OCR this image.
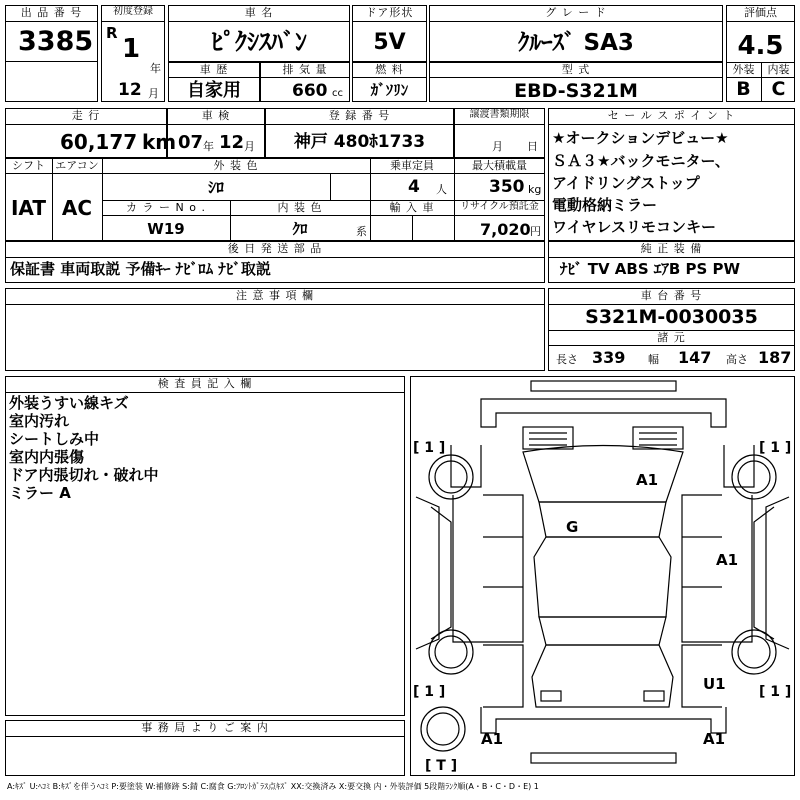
出 品 番 号
3385
初度登録
R
1
年
12 月
車 名
ﾋﾟｸｼｽﾊﾞﾝ
ドア形状
5V
グ レ ー ド
ｸﾙｰｽﾞ SA3
評価点
4.5
外装	内装
B	C
車 歴
自家用
排 気 量
660 cc
燃 料
ｶﾞｿﾘﾝ
型 式
EBD-S321M
走 行
60,177 km
車 検
07 年 12 月
登 録 番 号
神戸 480ﾎ1733
譲渡書類期限
月 日
セ ー ル ス ポ イ ン ト
★オークションデビュー★
ＳＡ３★バックモニター、
アイドリングストップ
電動格納ミラー
ワイヤレスリモコンキー
シフト
IAT
エアコン
AC
外 装 色
ｼﾛ
乗車定員
4 人
最大積載量
350 kg
カ ラ ー N o .
W19
内 装 色
ｸﾛ	系
輸 入 車	リサイクル預託金
7,020 円
後 日 発 送 部 品
保証書 車両取説 予備ｷｰ ﾅﾋﾞﾛﾑ ﾅﾋﾞ取説
純 正 装 備
ﾅﾋﾞ TV ABS ｴｱB PS PW
注 意 事 項 欄	車 台 番 号
S321M-0030035
諸 元
長さ 339 幅 147 高さ 187
検 査 員 記 入 欄
外装うすい線キズ
室内汚れ
シートしみ中
室内内張傷
ドア内張切れ・破れ中
ミラー A
事 務 局 よ り ご 案 内
[ 1 ]	[ 1 ]
[ 1 ]	[ 1 ]
[ T ]
A1
G
A1
U1
A1	A1
A:ｷｽﾞ U:ﾍｺﾐ B:ｷｽﾞを伴うﾍｺﾐ P:要塗装 W:補修跡 S:錆 C:腐食 G:ﾌﾛﾝﾄｶﾞﾗｽ点ｷｽﾞ XX:交換済み X:要交換 内・外装評価 5段階ﾗﾝｸ順(A・B・C・D・E) 1
